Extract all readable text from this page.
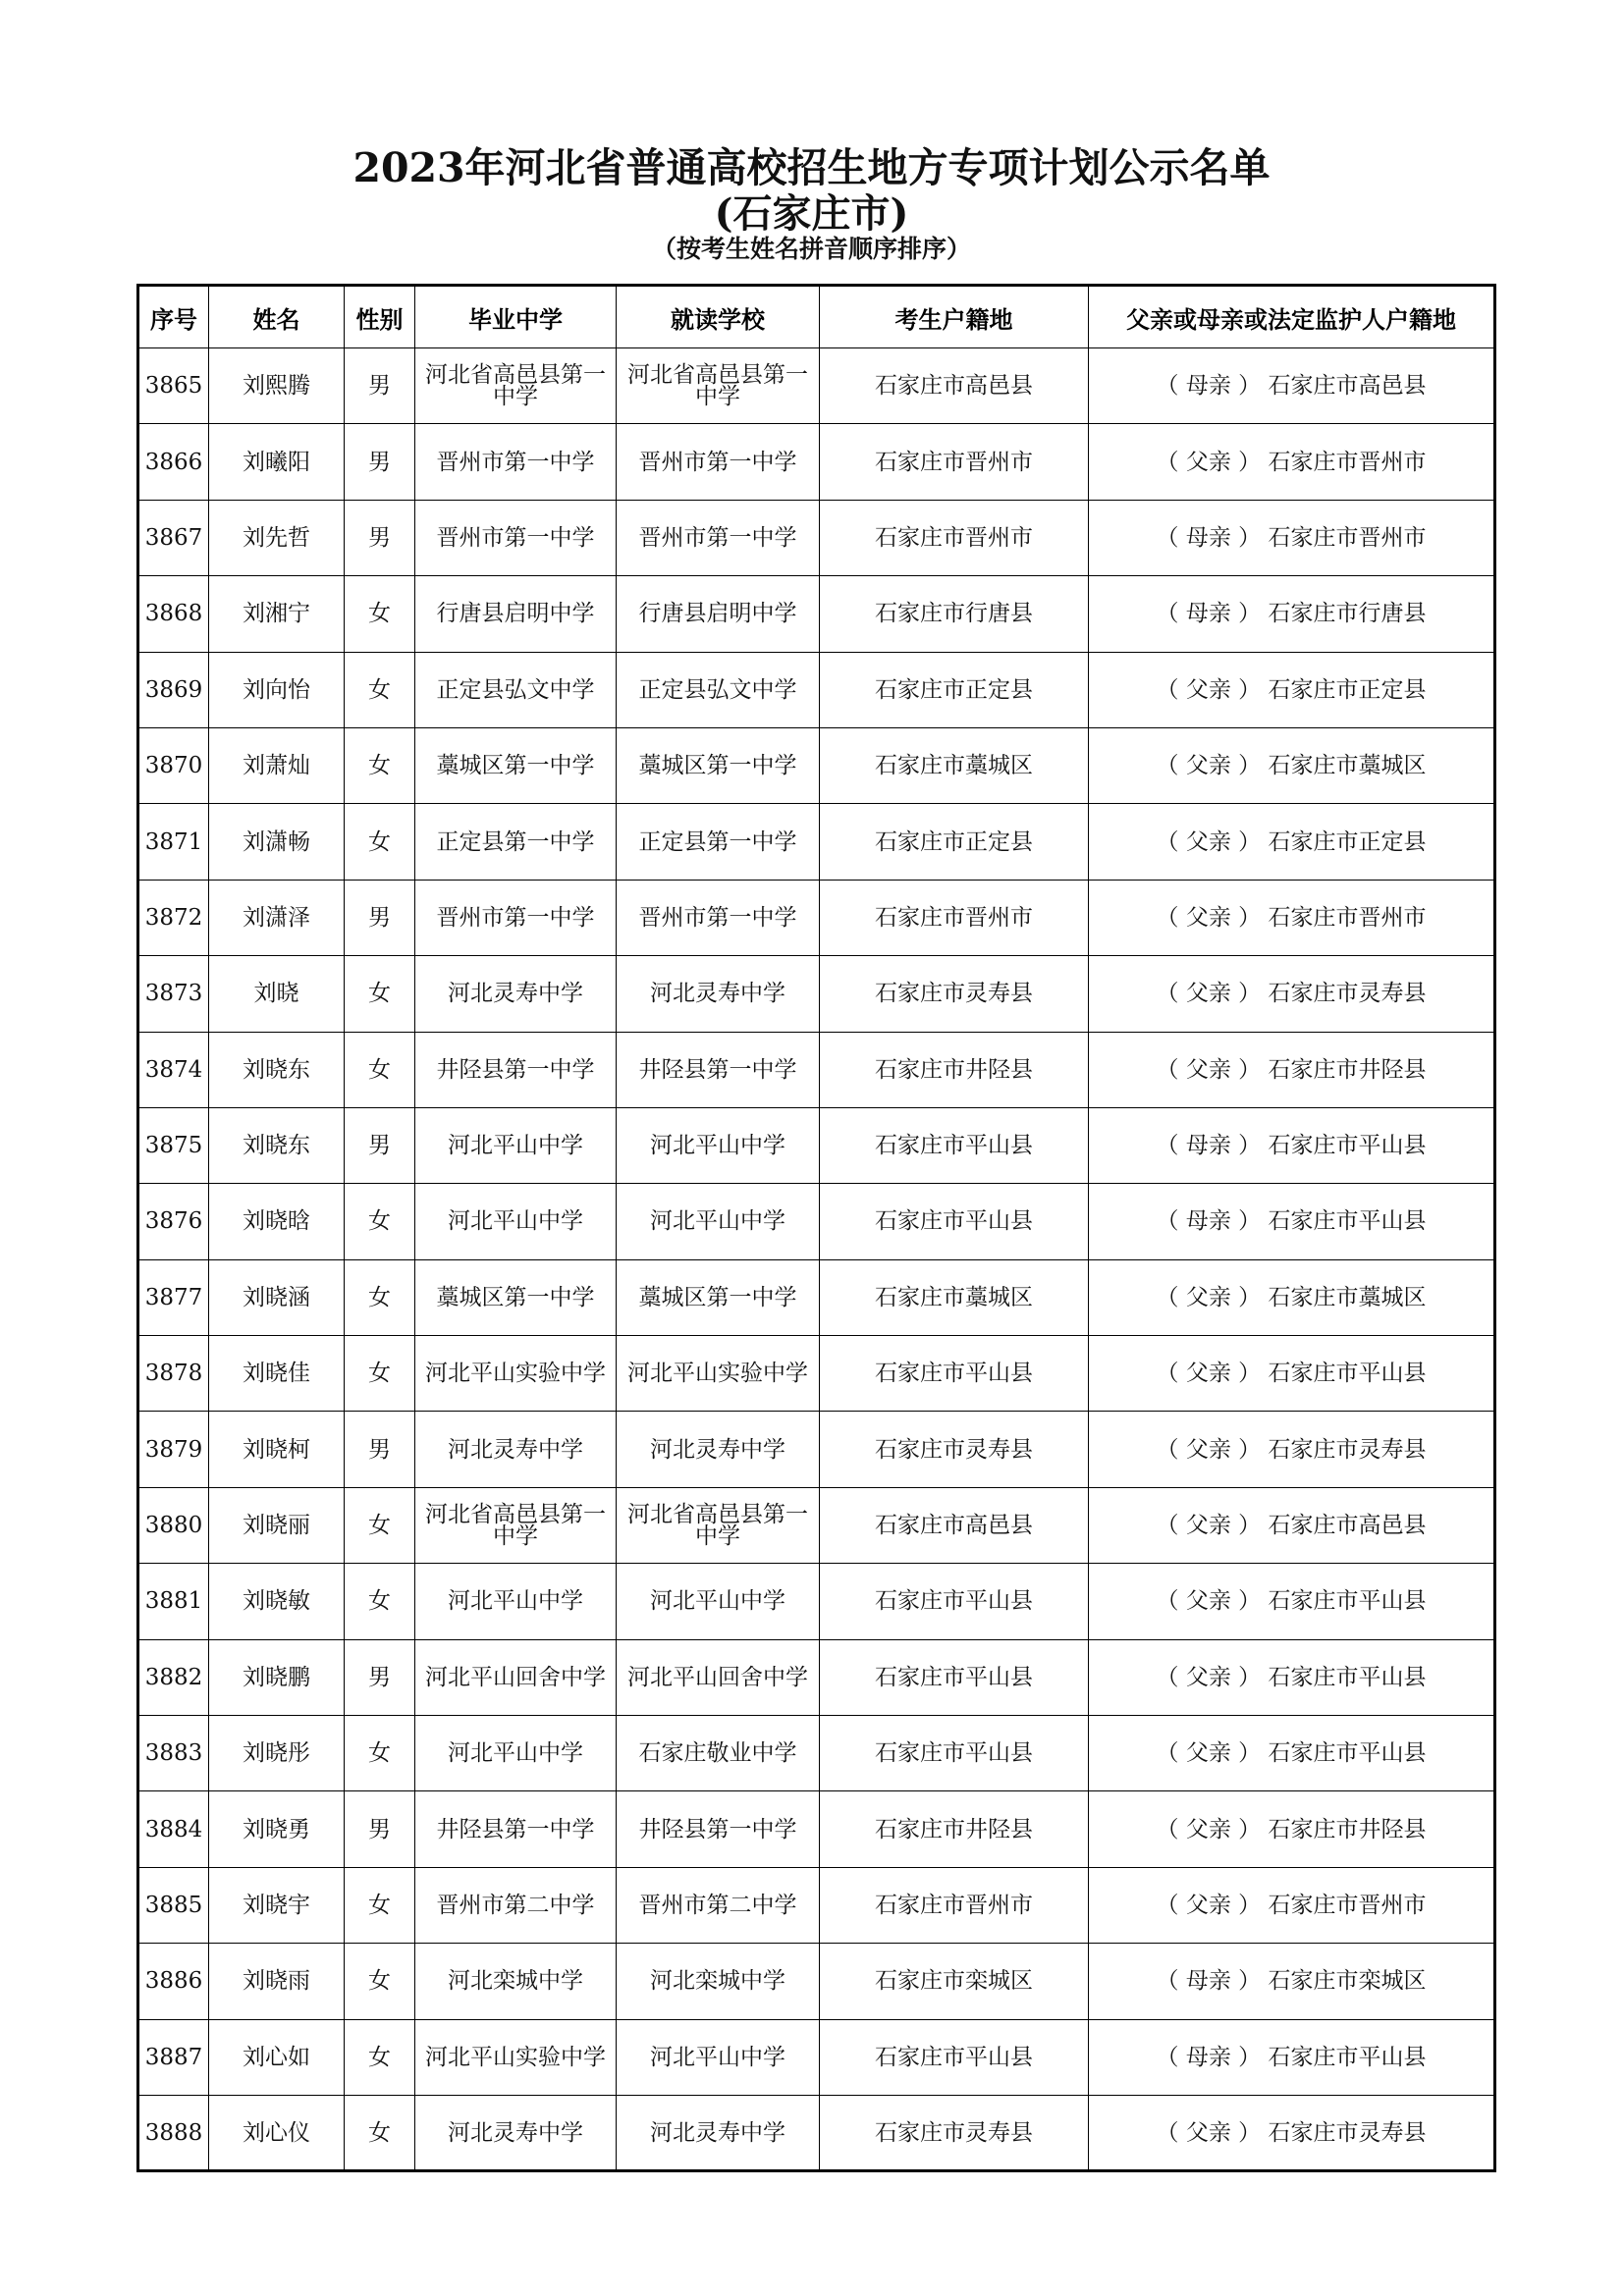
2023年河北省普通高校招生地方专项计划公示名单
(石家庄市)
（按考生姓名拼音顺序排序）
序号	姓名	性别	毕业中学	就读学校	考生户籍地	父亲或母亲或法定监护人户籍地
3865	刘熙腾	男	河北省高邑县第一中学	河北省高邑县第一中学	石家庄市高邑县	（ 母亲 ） 石家庄市高邑县
3866	刘曦阳	男	晋州市第一中学	晋州市第一中学	石家庄市晋州市	（ 父亲 ） 石家庄市晋州市
3867	刘先哲	男	晋州市第一中学	晋州市第一中学	石家庄市晋州市	（ 母亲 ） 石家庄市晋州市
3868	刘湘宁	女	行唐县启明中学	行唐县启明中学	石家庄市行唐县	（ 母亲 ） 石家庄市行唐县
3869	刘向怡	女	正定县弘文中学	正定县弘文中学	石家庄市正定县	（ 父亲 ） 石家庄市正定县
3870	刘萧灿	女	藁城区第一中学	藁城区第一中学	石家庄市藁城区	（ 父亲 ） 石家庄市藁城区
3871	刘潇畅	女	正定县第一中学	正定县第一中学	石家庄市正定县	（ 父亲 ） 石家庄市正定县
3872	刘潇泽	男	晋州市第一中学	晋州市第一中学	石家庄市晋州市	（ 父亲 ） 石家庄市晋州市
3873	刘晓	女	河北灵寿中学	河北灵寿中学	石家庄市灵寿县	（ 父亲 ） 石家庄市灵寿县
3874	刘晓东	女	井陉县第一中学	井陉县第一中学	石家庄市井陉县	（ 父亲 ） 石家庄市井陉县
3875	刘晓东	男	河北平山中学	河北平山中学	石家庄市平山县	（ 母亲 ） 石家庄市平山县
3876	刘晓晗	女	河北平山中学	河北平山中学	石家庄市平山县	（ 母亲 ） 石家庄市平山县
3877	刘晓涵	女	藁城区第一中学	藁城区第一中学	石家庄市藁城区	（ 父亲 ） 石家庄市藁城区
3878	刘晓佳	女	河北平山实验中学	河北平山实验中学	石家庄市平山县	（ 父亲 ） 石家庄市平山县
3879	刘晓柯	男	河北灵寿中学	河北灵寿中学	石家庄市灵寿县	（ 父亲 ） 石家庄市灵寿县
3880	刘晓丽	女	河北省高邑县第一中学	河北省高邑县第一中学	石家庄市高邑县	（ 父亲 ） 石家庄市高邑县
3881	刘晓敏	女	河北平山中学	河北平山中学	石家庄市平山县	（ 父亲 ） 石家庄市平山县
3882	刘晓鹏	男	河北平山回舍中学	河北平山回舍中学	石家庄市平山县	（ 父亲 ） 石家庄市平山县
3883	刘晓彤	女	河北平山中学	石家庄敬业中学	石家庄市平山县	（ 父亲 ） 石家庄市平山县
3884	刘晓勇	男	井陉县第一中学	井陉县第一中学	石家庄市井陉县	（ 父亲 ） 石家庄市井陉县
3885	刘晓宇	女	晋州市第二中学	晋州市第二中学	石家庄市晋州市	（ 父亲 ） 石家庄市晋州市
3886	刘晓雨	女	河北栾城中学	河北栾城中学	石家庄市栾城区	（ 母亲 ） 石家庄市栾城区
3887	刘心如	女	河北平山实验中学	河北平山中学	石家庄市平山县	（ 母亲 ） 石家庄市平山县
3888	刘心仪	女	河北灵寿中学	河北灵寿中学	石家庄市灵寿县	（ 父亲 ） 石家庄市灵寿县
